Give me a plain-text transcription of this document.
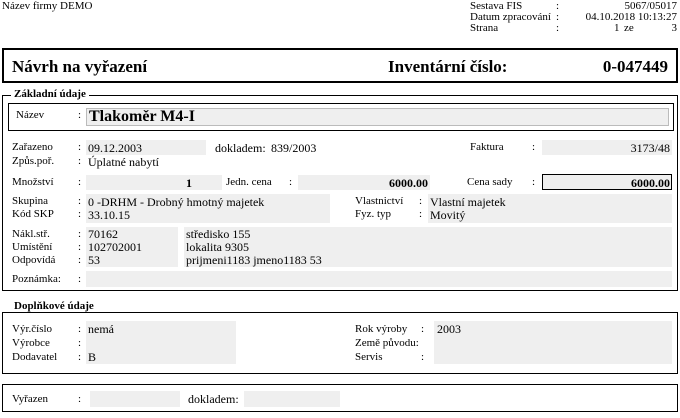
Název firmy DEMO	Sestava FIS	:	5067/05017
Datum zpracování : 04.10.2018 10:13:27
Strana	:	1 ze	3
Návrh na vyřazení	Inventární číslo:	0-047449
Základní údaje
Název	: Tlakoměr M4-I
Zařazeno : 09.12.2003	dokladem: 839/2003	Faktura	:	3173/48
Způs.poř. : Úplatné nabytí
Množství :	1	Jedn. cena :	6000.00	Cena sady :	6000.00
Skupina	: 0 -DRHM - Drobný hmotný majetek
Kód SKP : 33.10.15
Vlastnictví : Vlastní majetek
Fyz. typ	: Movitý
Nákl.stř.	: 70162	středisko 155
Umístění : 102702001	lokalita 9305
Odpovídá : 53	prijmeni1183 jmeno1183 53
Poznámka: :
Doplňkové údaje
Výr.číslo : nemá
Výrobce	:
Dodavatel : B
Rok výroby : 2003
Země původu:
Servis	:
Vyřazen	:	dokladem:
